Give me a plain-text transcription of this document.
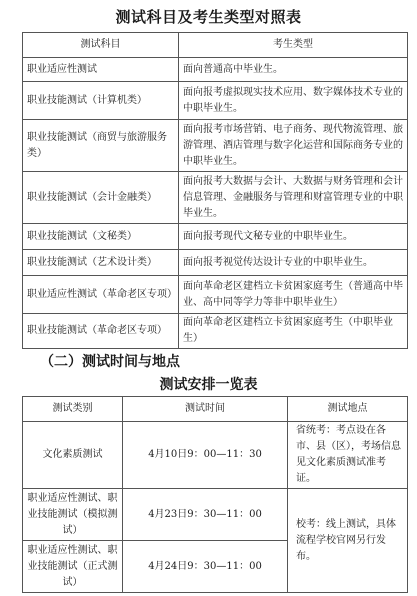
测试科目及考生类型对照表
测试科目	考生类型
职业适应性测试	面向普通高中毕业生。
职业技能测试（计算机类）	面向报考虚拟现实技术应用、数字媒体技术专业的中职毕业生。
职业技能测试（商贸与旅游服务类）	面向报考市场营销、电子商务、现代物流管理、旅游管理、酒店管理与数字化运营和国际商务专业的中职毕业生。
职业技能测试（会计金融类）	面向报考大数据与会计、大数据与财务管理和会计信息管理、金融服务与管理和财富管理专业的中职毕业生。
职业技能测试（文秘类）	面向报考现代文秘专业的中职毕业生。
职业技能测试（艺术设计类）	面向报考视觉传达设计专业的中职毕业生。
职业适应性测试（革命老区专项）	面向革命老区建档立卡贫困家庭考生（普通高中毕业、高中同等学力等非中职毕业生）
职业技能测试（革命老区专项）	面向革命老区建档立卡贫困家庭考生（中职毕业生）
（二）测试时间与地点
测试安排一览表
测试类别	测试时间	测试地点
文化素质测试	4月10日9：00—11：30	省统考：考点设在各市、县（区），考场信息见文化素质测试准考证。
职业适应性测试、职业技能测试（模拟测试）	4月23日9：30—11：00	校考：线上测试，具体流程学校官网另行发布。
职业适应性测试、职业技能测试（正式测试）	4月24日9：30—11：00	
